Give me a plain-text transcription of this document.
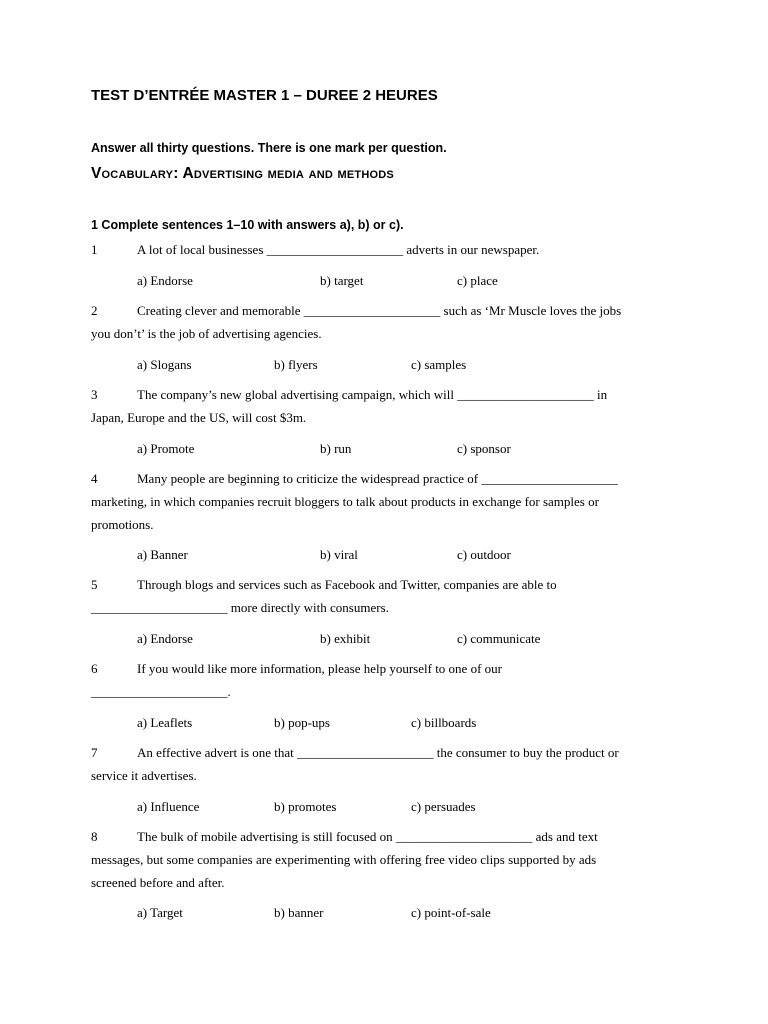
TEST D’ENTRÉE MASTER 1 – DUREE 2 HEURES
Answer all thirty questions. There is one mark per question.
Vocabulary: Advertising media and methods
1 Complete sentences 1–10 with answers a), b) or c).
1	A lot of local businesses _____________________ adverts in our newspaper.
a) Endorse	b) target	c) place
2	Creating clever and memorable _____________________ such as ‘Mr Muscle loves the jobs
you don’t’ is the job of advertising agencies.
a) Slogans	b) flyers	c) samples
3	The company’s new global advertising campaign, which will _____________________ in
Japan, Europe and the US, will cost $3m.
a) Promote	b) run	c) sponsor
4	Many people are beginning to criticize the widespread practice of _____________________
marketing, in which companies recruit bloggers to talk about products in exchange for samples or
promotions.
a) Banner	b) viral	c) outdoor
5	Through blogs and services such as Facebook and Twitter, companies are able to
_____________________ more directly with consumers.
a) Endorse	b) exhibit	c) communicate
6	If you would like more information, please help yourself to one of our
_____________________.
a) Leaflets	b) pop-ups	c) billboards
7	An effective advert is one that _____________________ the consumer to buy the product or
service it advertises.
a) Influence	b) promotes	c) persuades
8	The bulk of mobile advertising is still focused on _____________________ ads and text
messages, but some companies are experimenting with offering free video clips supported by ads
screened before and after.
a) Target	b) banner	c) point-of-sale
